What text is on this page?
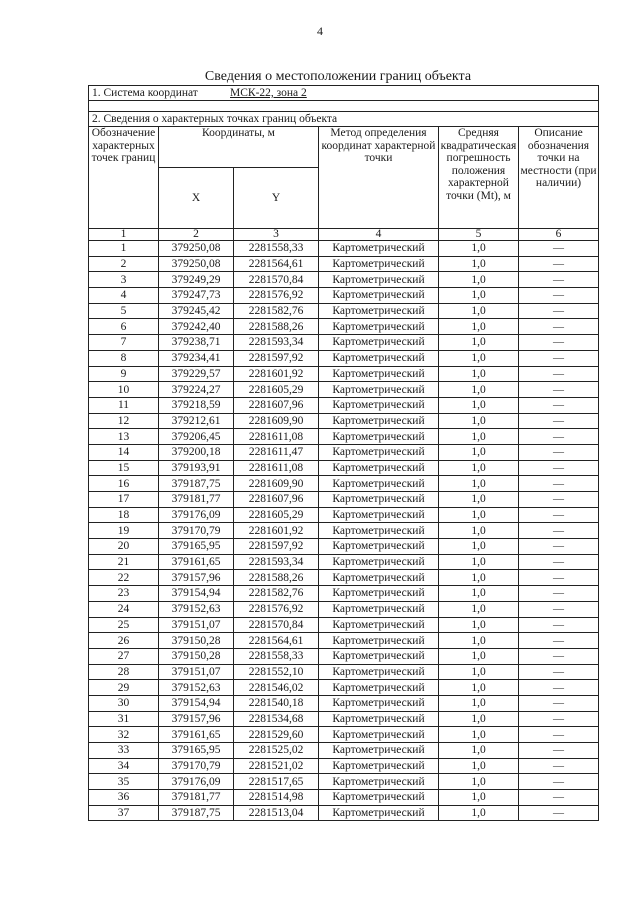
4
Сведения о местоположении границ объекта
1. Система координат МСК-22, зона 2					

2. Сведения о характерных точках границ объекта					
Обозначение характерных точек границ	Координаты, м		Метод определения координат характерной точки	Средняя квадратическая погрешность положения характерной точки (Mt), м	Описание обозначения точки на местности (при наличии)
	X	Y			
1	2	3	4	5	6
1	379250,08	2281558,33	Картометрический	1,0	—
2	379250,08	2281564,61	Картометрический	1,0	—
3	379249,29	2281570,84	Картометрический	1,0	—
4	379247,73	2281576,92	Картометрический	1,0	—
5	379245,42	2281582,76	Картометрический	1,0	—
6	379242,40	2281588,26	Картометрический	1,0	—
7	379238,71	2281593,34	Картометрический	1,0	—
8	379234,41	2281597,92	Картометрический	1,0	—
9	379229,57	2281601,92	Картометрический	1,0	—
10	379224,27	2281605,29	Картометрический	1,0	—
11	379218,59	2281607,96	Картометрический	1,0	—
12	379212,61	2281609,90	Картометрический	1,0	—
13	379206,45	2281611,08	Картометрический	1,0	—
14	379200,18	2281611,47	Картометрический	1,0	—
15	379193,91	2281611,08	Картометрический	1,0	—
16	379187,75	2281609,90	Картометрический	1,0	—
17	379181,77	2281607,96	Картометрический	1,0	—
18	379176,09	2281605,29	Картометрический	1,0	—
19	379170,79	2281601,92	Картометрический	1,0	—
20	379165,95	2281597,92	Картометрический	1,0	—
21	379161,65	2281593,34	Картометрический	1,0	—
22	379157,96	2281588,26	Картометрический	1,0	—
23	379154,94	2281582,76	Картометрический	1,0	—
24	379152,63	2281576,92	Картометрический	1,0	—
25	379151,07	2281570,84	Картометрический	1,0	—
26	379150,28	2281564,61	Картометрический	1,0	—
27	379150,28	2281558,33	Картометрический	1,0	—
28	379151,07	2281552,10	Картометрический	1,0	—
29	379152,63	2281546,02	Картометрический	1,0	—
30	379154,94	2281540,18	Картометрический	1,0	—
31	379157,96	2281534,68	Картометрический	1,0	—
32	379161,65	2281529,60	Картометрический	1,0	—
33	379165,95	2281525,02	Картометрический	1,0	—
34	379170,79	2281521,02	Картометрический	1,0	—
35	379176,09	2281517,65	Картометрический	1,0	—
36	379181,77	2281514,98	Картометрический	1,0	—
37	379187,75	2281513,04	Картометрический	1,0	—
